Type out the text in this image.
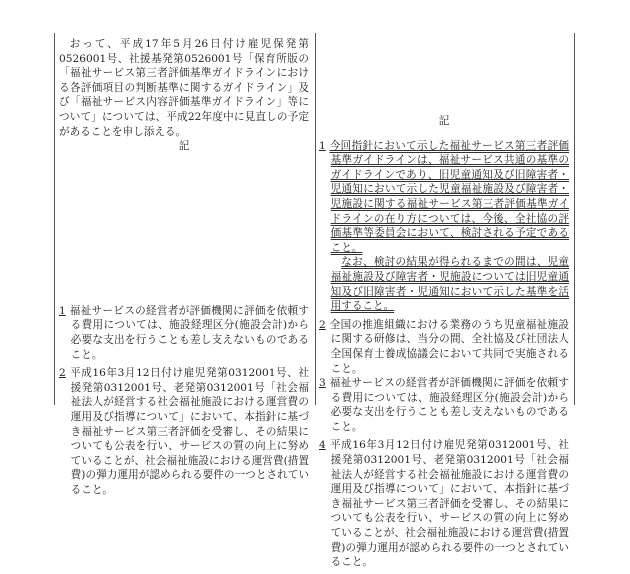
おって、平成17年5月26日付け雇児保発第0526001号、社援基発第0526001号「保育所版の「福祉サービス第三者評価基準ガイドラインにおける各評価項目の判断基準に関するガイドライン」及び「福祉サービス内容評価基準ガイドライン」等について」については、平成22年度中に見直しの予定があることを申し添える。

記

1 福祉サービスの経営者が評価機関に評価を依頼する費用については、施設経理区分(施設会計)から必要な支出を行うことも差し支えないものであること。

2 平成16年3月12日付け雇児発第0312001号、社援発第0312001号、老発第0312001号「社会福祉法人が経営する社会福祉施設における運営費の運用及び指導について」において、本指針に基づき福祉サービス第三者評価を受審し、その結果についても公表を行い、サービスの質の向上に努めていることが、社会福祉施設における運営費(措置費)の弾力運用が認められる要件の一つとされていること。

記

1 今回指針において示した福祉サービス第三者評価基準ガイドラインは、福祉サービス共通の基準のガイドラインであり、旧児童通知及び旧障害者・児通知において示した児童福祉施設及び障害者・児施設に関する福祉サービス第三者評価基準ガイドラインの在り方については、今後、全社協の評価基準等委員会において、検討される予定であること。

なお、検討の結果が得られるまでの間は、児童福祉施設及び障害者・児施設については旧児童通知及び旧障害者・児通知において示した基準を活用すること。

2 全国の推進組織における業務のうち児童福祉施設に関する研修は、当分の間、全社協及び社団法人全国保育士養成協議会において共同で実施されること。

3 福祉サービスの経営者が評価機関に評価を依頼する費用については、施設経理区分(施設会計)から必要な支出を行うことも差し支えないものであること。

4 平成16年3月12日付け雇児発第0312001号、社援発第0312001号、老発第0312001号「社会福祉法人が経営する社会福祉施設における運営費の運用及び指導について」において、本指針に基づき福祉サービス第三者評価を受審し、その結果についても公表を行い、サービスの質の向上に努めていることが、社会福祉施設における運営費(措置費)の弾力運用が認められる要件の一つとされていること。
